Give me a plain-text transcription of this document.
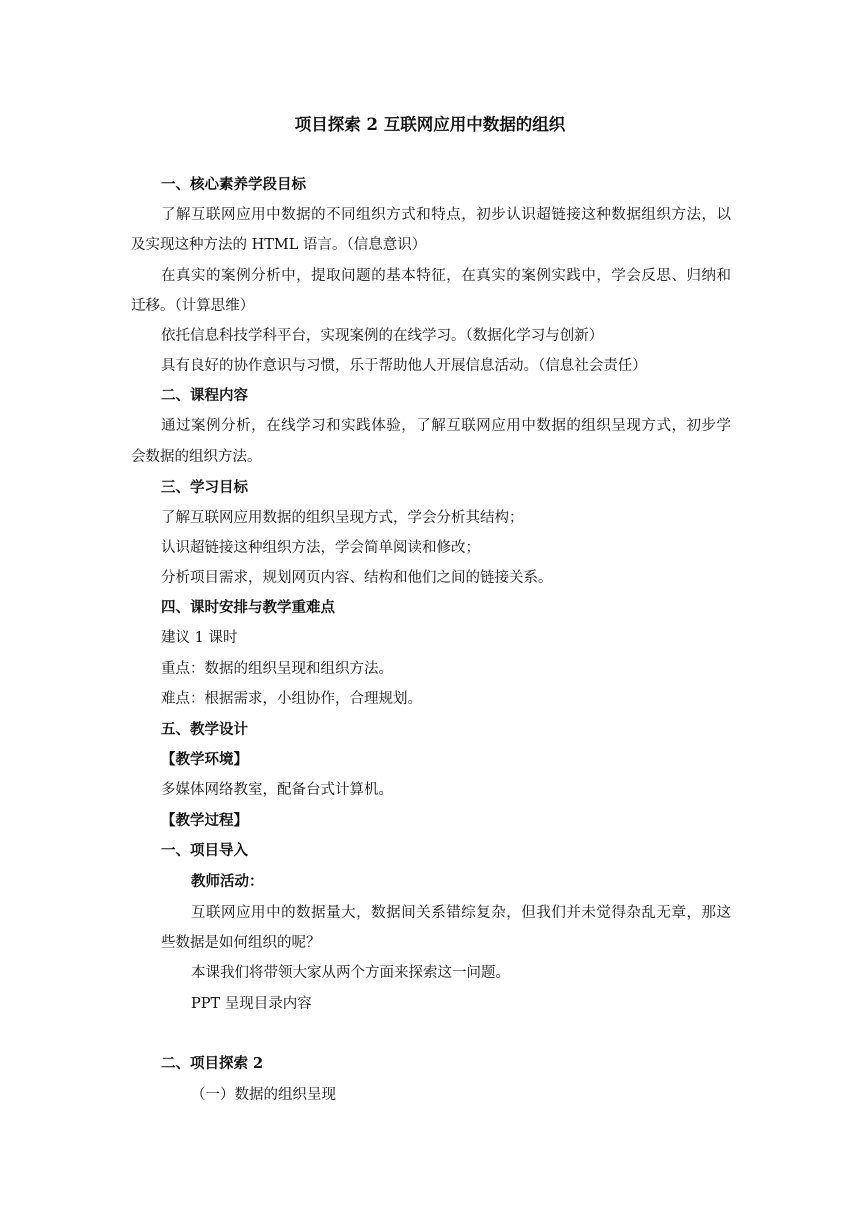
项目探索 2 互联网应用中数据的组织
一、核心素养学段目标
了解互联网应用中数据的不同组织方式和特点，初步认识超链接这种数据组织方法，以
及实现这种方法的 HTML 语言。（信息意识）
在真实的案例分析中，提取问题的基本特征，在真实的案例实践中，学会反思、归纳和
迁移。（计算思维）
依托信息科技学科平台，实现案例的在线学习。（数据化学习与创新）
具有良好的协作意识与习惯，乐于帮助他人开展信息活动。（信息社会责任）
二、课程内容
通过案例分析，在线学习和实践体验，了解互联网应用中数据的组织呈现方式，初步学
会数据的组织方法。
三、学习目标
了解互联网应用数据的组织呈现方式，学会分析其结构；
认识超链接这种组织方法，学会简单阅读和修改；
分析项目需求，规划网页内容、结构和他们之间的链接关系。
四、课时安排与教学重难点
建议 1 课时
重点：数据的组织呈现和组织方法。
难点：根据需求，小组协作，合理规划。
五、教学设计
【教学环境】
多媒体网络教室，配备台式计算机。
【教学过程】
一、项目导入
教师活动：
互联网应用中的数据量大，数据间关系错综复杂，但我们并未觉得杂乱无章，那这
些数据是如何组织的呢？
本课我们将带领大家从两个方面来探索这一问题。
PPT 呈现目录内容
二、项目探索 2
（一）数据的组织呈现
